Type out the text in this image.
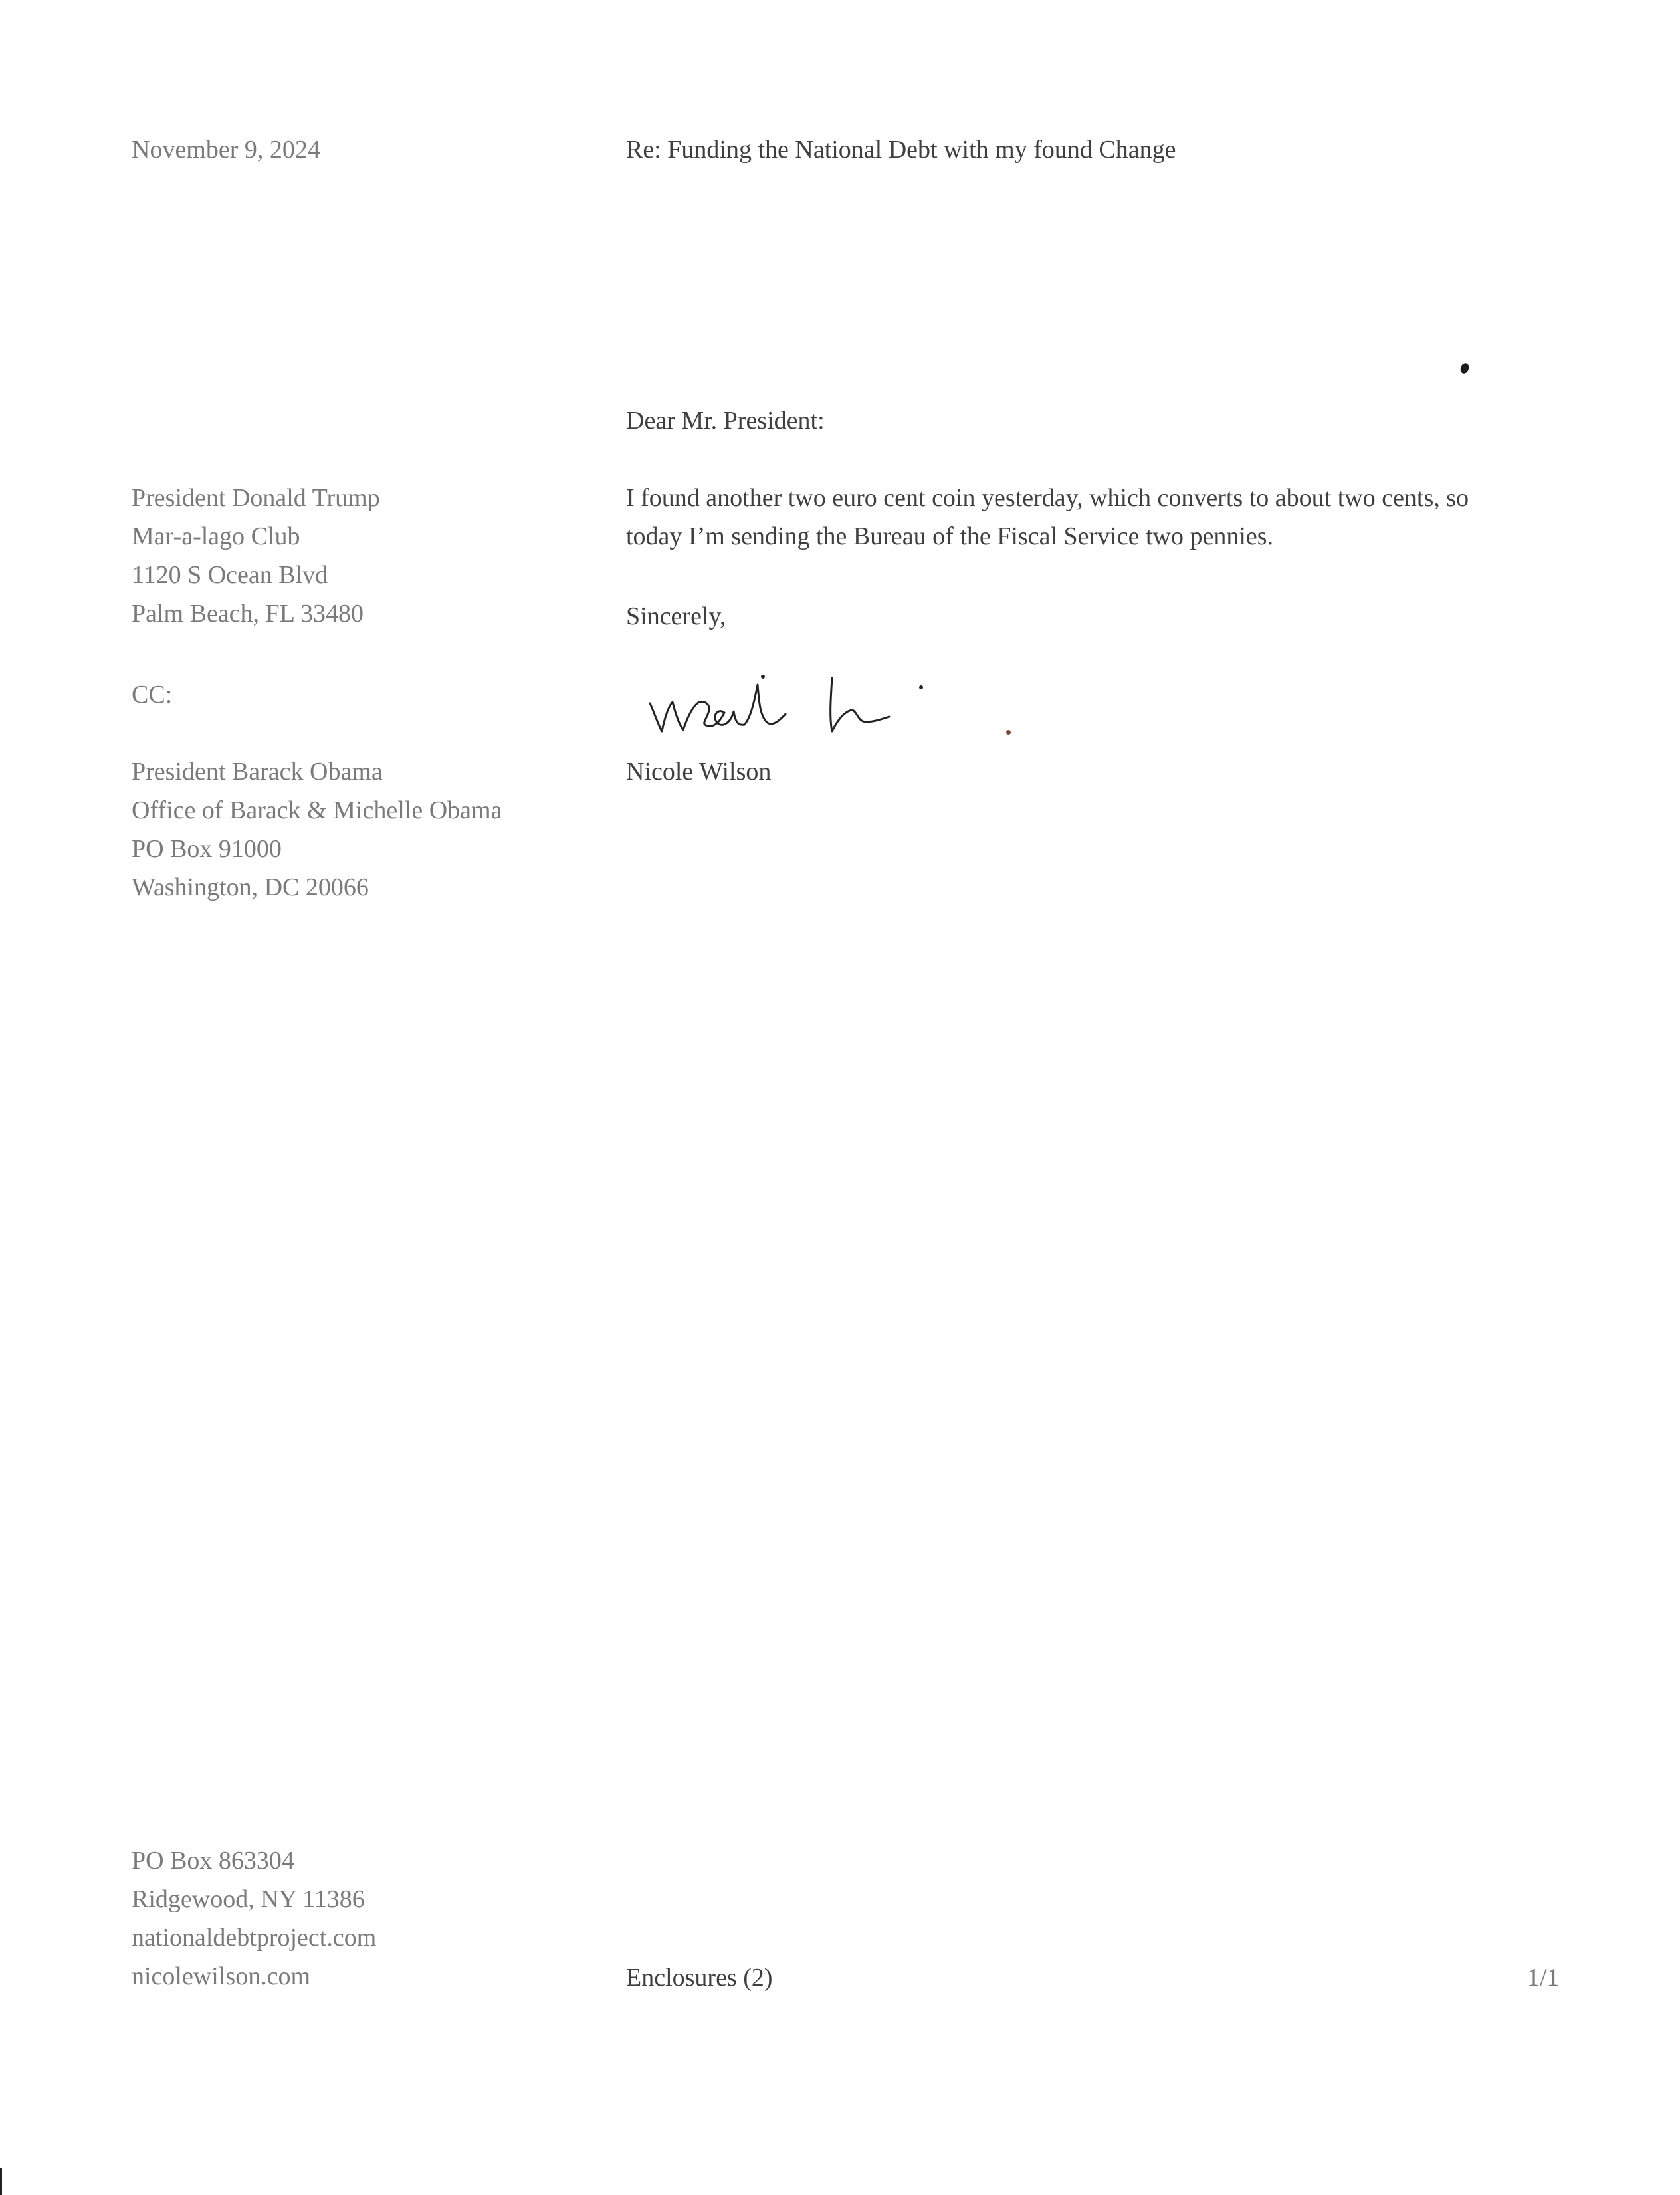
November 9, 2024	Re: Funding the National Debt with my found Change
Dear Mr. President:
President Donald Trump
Mar-a-lago Club
1120 S Ocean Blvd
Palm Beach, FL 33480
I found another two euro cent coin yesterday, which converts to about two cents, so
today I’m sending the Bureau of the Fiscal Service two pennies.
Sincerely,
CC:
Nicole Wilson
President Barack Obama
Office of Barack & Michelle Obama
PO Box 91000
Washington, DC 20066
PO Box 863304
Ridgewood, NY 11386
nationaldebtproject.com
nicolewilson.com	Enclosures (2)	1/1
